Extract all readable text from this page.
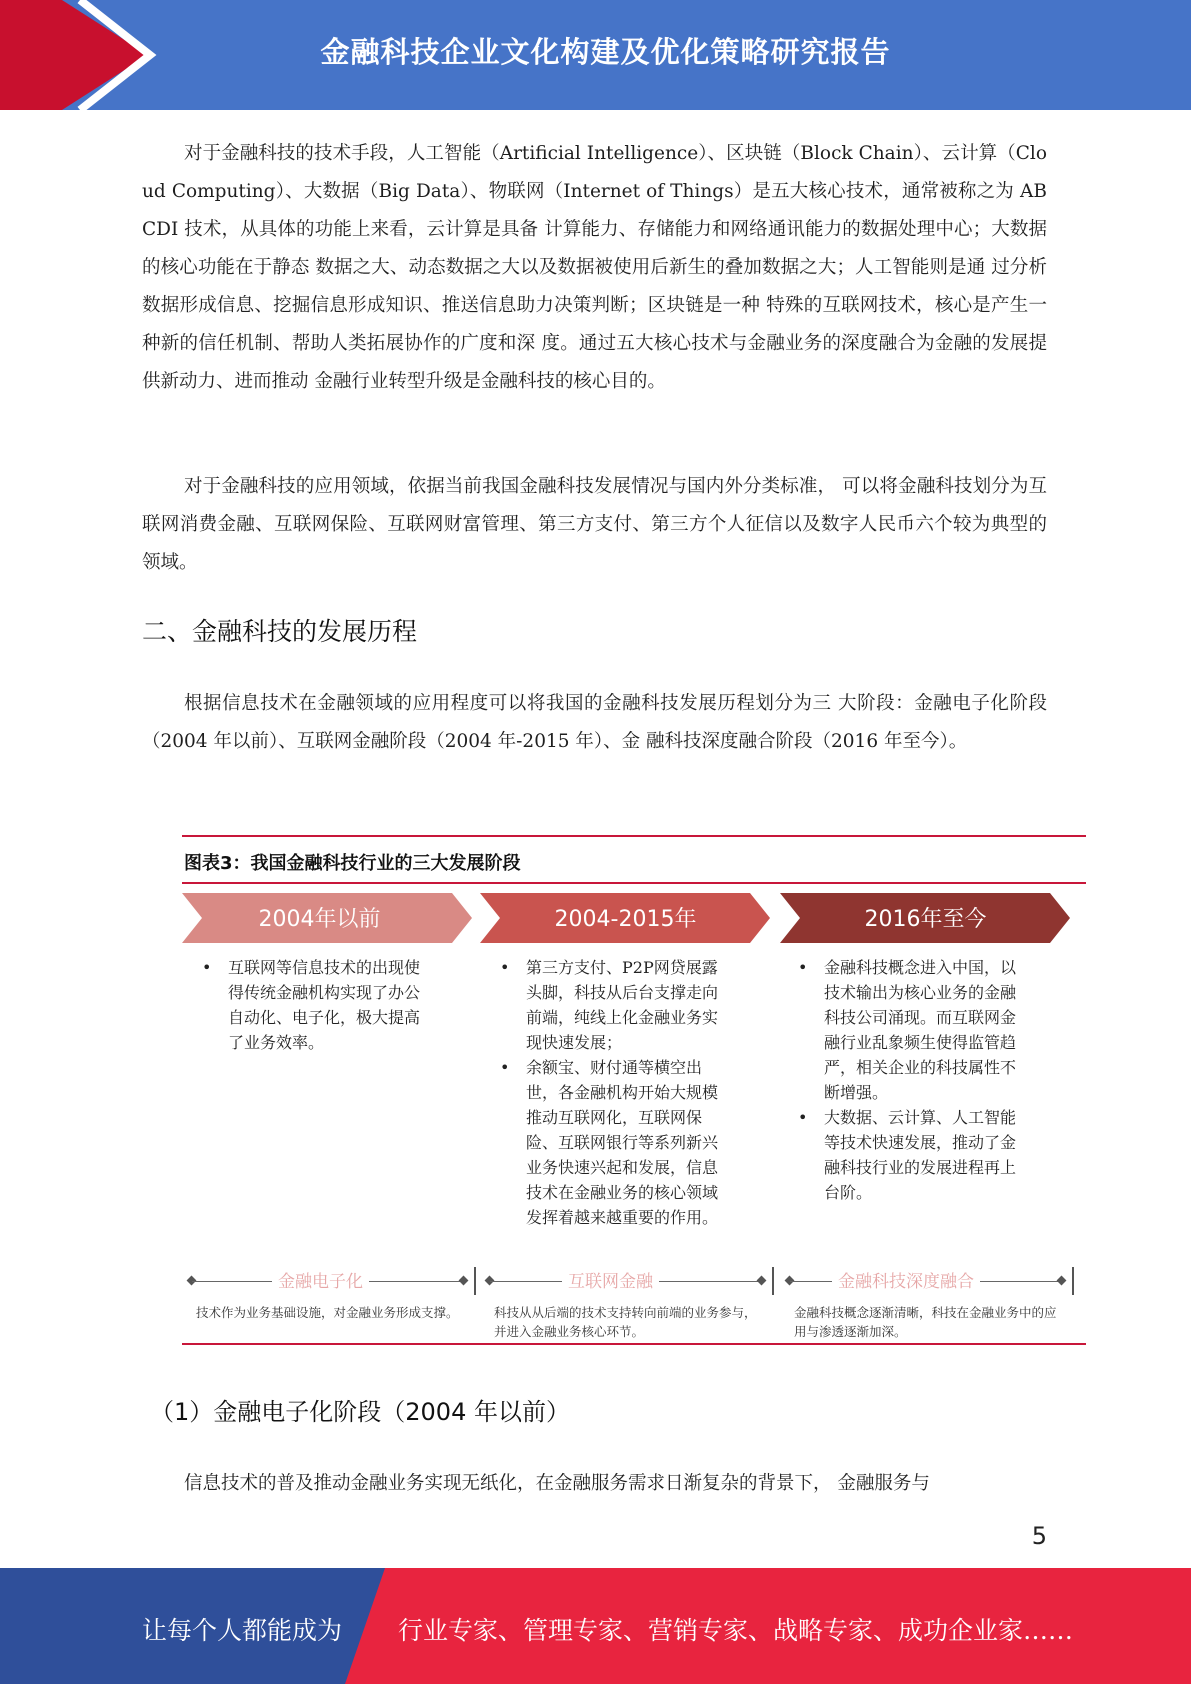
金融科技企业文化构建及优化策略研究报告

对于金融科技的技术手段，人工智能（Artificial Intelligence）、区块链（Block Chain）、云计算（Cloud Computing）、大数据（Big Data）、物联网（Internet of Things）是五大核心技术，通常被称之为 ABCDI 技术，从具体的功能上来看，云计算是具备 计算能力、存储能力和网络通讯能力的数据处理中心；大数据的核心功能在于静态 数据之大、动态数据之大以及数据被使用后新生的叠加数据之大；人工智能则是通 过分析数据形成信息、挖掘信息形成知识、推送信息助力决策判断；区块链是一种 特殊的互联网技术，核心是产生一种新的信任机制、帮助人类拓展协作的广度和深 度。通过五大核心技术与金融业务的深度融合为金融的发展提供新动力、进而推动 金融行业转型升级是金融科技的核心目的。

对于金融科技的应用领域，依据当前我国金融科技发展情况与国内外分类标准， 可以将金融科技划分为互联网消费金融、互联网保险、互联网财富管理、第三方支付、第三方个人征信以及数字人民币六个较为典型的领域。

二、金融科技的发展历程

根据信息技术在金融领域的应用程度可以将我国的金融科技发展历程划分为三 大阶段：金融电子化阶段（2004 年以前）、互联网金融阶段（2004 年-2015 年）、金 融科技深度融合阶段（2016 年至今）。

图表3：我国金融科技行业的三大发展阶段
2004年以前	2004-2015年	2016年至今
• 互联网等信息技术的出现使得传统金融机构实现了办公自动化、电子化，极大提高了业务效率。
• 第三方支付、P2P网贷展露头脚，科技从后台支撑走向前端，纯线上化金融业务实现快速发展；
• 余额宝、财付通等横空出世，各金融机构开始大规模推动互联网化，互联网保险、互联网银行等系列新兴业务快速兴起和发展，信息技术在金融业务的核心领域发挥着越来越重要的作用。
• 金融科技概念进入中国，以技术输出为核心业务的金融科技公司涌现。而互联网金融行业乱象频生使得监管趋严，相关企业的科技属性不断增强。
• 大数据、云计算、人工智能等技术快速发展，推动了金融科技行业的发展进程再上台阶。
金融电子化
技术作为业务基础设施，对金融业务形成支撑。
互联网金融
科技从从后端的技术支持转向前端的业务参与，并进入金融业务核心环节。
金融科技深度融合
金融科技概念逐渐清晰，科技在金融业务中的应用与渗透逐渐加深。
（1）金融电子化阶段（2004 年以前）

信息技术的普及推动金融业务实现无纸化，在金融服务需求日渐复杂的背景下， 金融服务与

5
让每个人都能成为 行业专家、管理专家、营销专家、战略专家、成功企业家……
